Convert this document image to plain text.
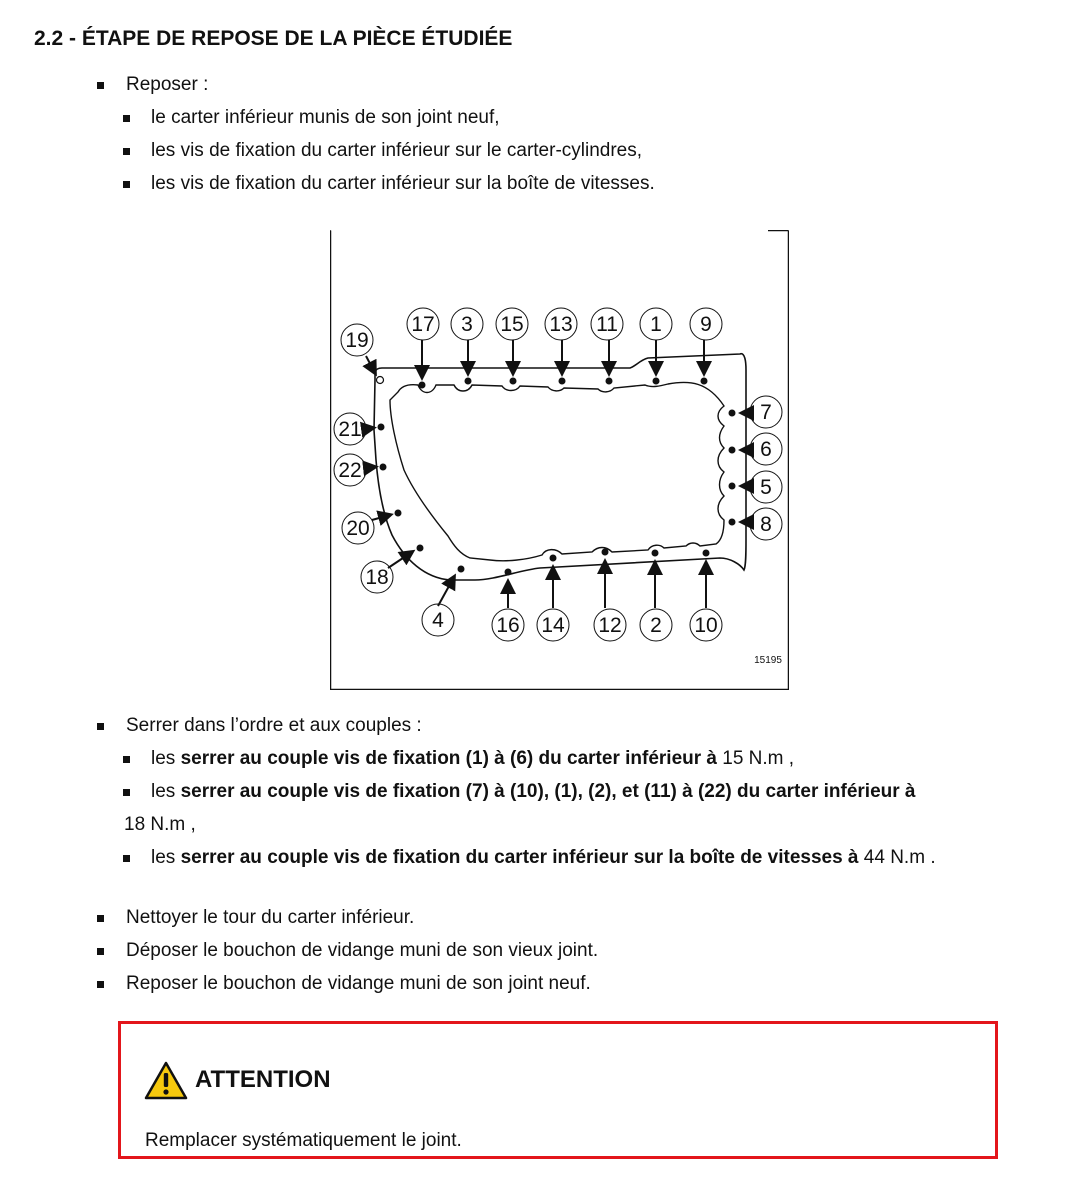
2.2 - ÉTAPE DE REPOSE DE LA PIÈCE ÉTUDIÉE
Reposer :
le carter inférieur munis de son joint neuf,
les vis de fixation du carter inférieur sur le carter-cylindres,
les vis de fixation du carter inférieur sur la boîte de vitesses.
17 3 15 13 11 1 9
7
6
5
8
19
21
22
20
18
4 16 14 12 2 10
15195
Serrer dans l’ordre et aux couples :
les serrer au couple vis de fixation (1) à (6) du carter inférieur à 15 N.m ,
les serrer au couple vis de fixation (7) à (10), (1), (2), et (11) à (22) du carter inférieur à
18 N.m ,
les serrer au couple vis de fixation du carter inférieur sur la boîte de vitesses à 44 N.m .
Nettoyer le tour du carter inférieur.
Déposer le bouchon de vidange muni de son vieux joint.
Reposer le bouchon de vidange muni de son joint neuf.
ATTENTION
Remplacer systématiquement le joint.
